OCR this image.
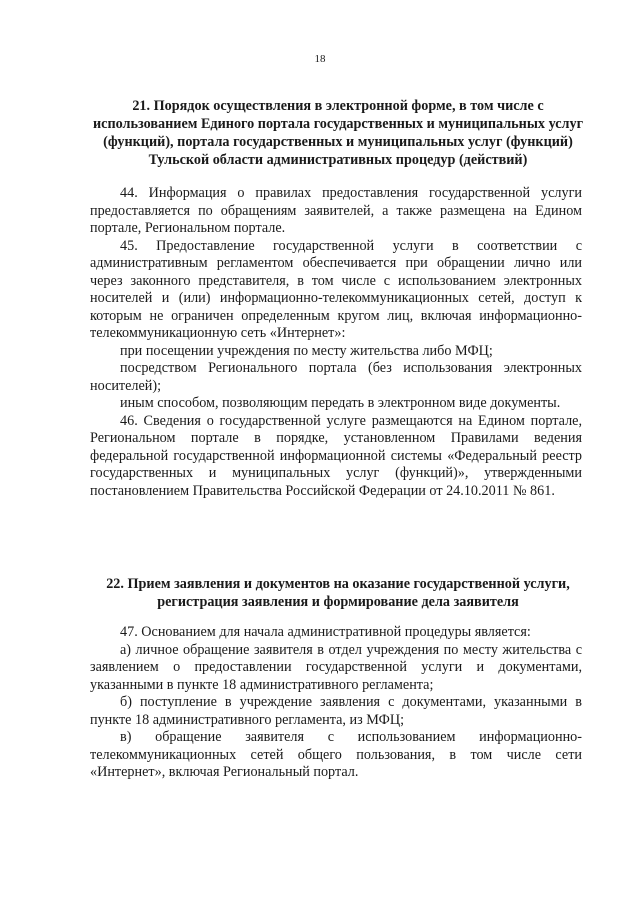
18
21. Порядок осуществления в электронной форме, в том числе с использованием Единого портала государственных и муниципальных услуг (функций), портала государственных и муниципальных услуг (функций) Тульской области административных процедур (действий)

44. Информация о правилах предоставления государственной услуги предоставляется по обращениям заявителей, а также размещена на Едином портале, Региональном портале.

45. Предоставление государственной услуги в соответствии с административным регламентом обеспечивается при обращении лично или через законного представителя, в том числе с использованием электронных носителей и (или) информационно-телекоммуникационных сетей, доступ к которым не ограничен определенным кругом лиц, включая информационно-телекоммуникационную сеть «Интернет»:

при посещении учреждения по месту жительства либо МФЦ;

посредством Регионального портала (без использования электронных носителей);

иным способом, позволяющим передать в электронном виде документы.

46. Сведения о государственной услуге размещаются на Едином портале, Региональном портале в порядке, установленном Правилами ведения федеральной государственной информационной системы «Федеральный реестр государственных и муниципальных услуг (функций)», утвержденными постановлением Правительства Российской Федерации от 24.10.2011 № 861.

22. Прием заявления и документов на оказание государственной услуги, регистрация заявления и формирование дела заявителя

47. Основанием для начала административной процедуры является:

а) личное обращение заявителя в отдел учреждения по месту жительства с заявлением о предоставлении государственной услуги и документами, указанными в пункте 18 административного регламента;

б) поступление в учреждение заявления с документами, указанными в пункте 18 административного регламента, из МФЦ;

в) обращение заявителя с использованием информационно-телекоммуникационных сетей общего пользования, в том числе сети «Интернет», включая Региональный портал.
